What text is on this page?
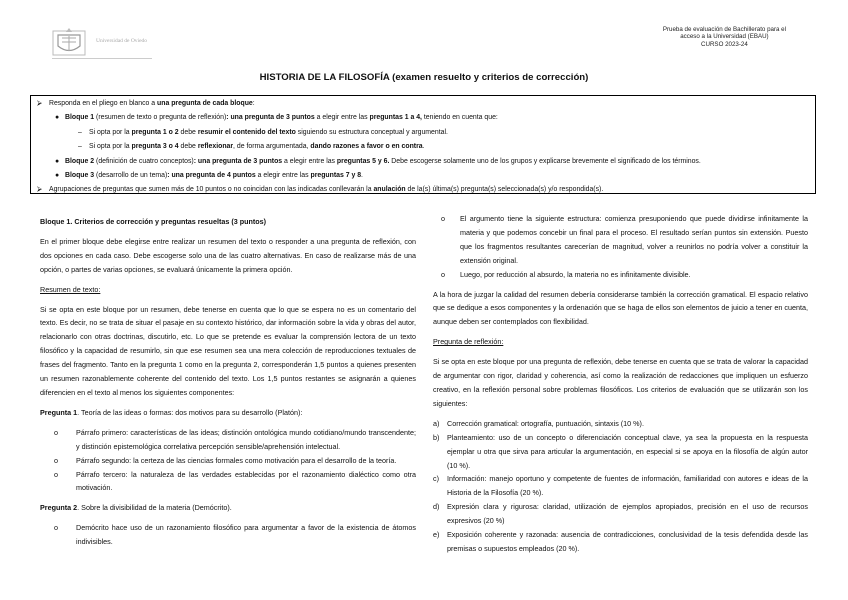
Universidad de Oviedo
Prueba de evaluación de Bachillerato para el
acceso a la Universidad (EBAU)
CURSO 2023-24
HISTORIA DE LA FILOSOFÍA (examen resuelto y criterios de corrección)
⮚ Responda en el pliego en blanco a una pregunta de cada bloque:
● Bloque 1 (resumen de texto o pregunta de reflexión): una pregunta de 3 puntos a elegir entre las preguntas 1 a 4, teniendo en cuenta que:
– Si opta por la pregunta 1 o 2 debe resumir el contenido del texto siguiendo su estructura conceptual y argumental.
– Si opta por la pregunta 3 o 4 debe reflexionar, de forma argumentada, dando razones a favor o en contra.
● Bloque 2 (definición de cuatro conceptos): una pregunta de 3 puntos a elegir entre las preguntas 5 y 6. Debe escogerse solamente uno de los grupos y explicarse brevemente el significado de los términos.
● Bloque 3 (desarrollo de un tema): una pregunta de 4 puntos a elegir entre las preguntas 7 y 8.
⮚ Agrupaciones de preguntas que sumen más de 10 puntos o no coincidan con las indicadas conllevarán la anulación de la(s) última(s) pregunta(s) seleccionada(s) y/o respondida(s).
Bloque 1. Criterios de corrección y preguntas resueltas (3 puntos)

En el primer bloque debe elegirse entre realizar un resumen del texto o responder a una pregunta de reflexión, con dos opciones en cada caso. Debe escogerse solo una de las cuatro alternativas. En caso de realizarse más de una opción, o partes de varias opciones, se evaluará únicamente la primera opción.

Resumen de texto:

Si se opta en este bloque por un resumen, debe tenerse en cuenta que lo que se espera no es un comentario del texto. Es decir, no se trata de situar el pasaje en su contexto histórico, dar información sobre la vida y obras del autor, relacionarlo con otras doctrinas, discutirlo, etc. Lo que se pretende es evaluar la comprensión lectora de un texto filosófico y la capacidad de resumirlo, sin que ese resumen sea una mera colección de reproducciones textuales de frases del fragmento. Tanto en la pregunta 1 como en la pregunta 2, corresponderán 1,5 puntos a quienes presenten un resumen razonablemente coherente del contenido del texto. Los 1,5 puntos restantes se asignarán a quienes diferencien en el texto al menos los siguientes componentes:

Pregunta 1. Teoría de las ideas o formas: dos motivos para su desarrollo (Platón):

o	Párrafo primero: características de las ideas; distinción ontológica mundo cotidiano/mundo transcendente; y distinción epistemológica correlativa percepción sensible/aprehensión intelectual.
o	Párrafo segundo: la certeza de las ciencias formales como motivación para el desarrollo de la teoría.
o	Párrafo tercero: la naturaleza de las verdades establecidas por el razonamiento dialéctico como otra motivación.

Pregunta 2. Sobre la divisibilidad de la materia (Demócrito).

o	Demócrito hace uso de un razonamiento filosófico para argumentar a favor de la existencia de átomos indivisibles.
o El argumento tiene la siguiente estructura: comienza presuponiendo que puede dividirse infinitamente la materia y que podemos concebir un final para el proceso. El resultado serían puntos sin extensión. Puesto que los fragmentos resultantes carecerían de magnitud, volver a reunirlos no podría volver a constituir la extensión original.
o Luego, por reducción al absurdo, la materia no es infinitamente divisible.

A la hora de juzgar la calidad del resumen debería considerarse también la corrección gramatical. El espacio relativo que se dedique a esos componentes y la ordenación que se haga de ellos son elementos de juicio a tener en cuenta, aunque deben ser contemplados con flexibilidad.

Pregunta de reflexión:

Si se opta en este bloque por una pregunta de reflexión, debe tenerse en cuenta que se trata de valorar la capacidad de argumentar con rigor, claridad y coherencia, así como la realización de redacciones que impliquen un esfuerzo creativo, en la reflexión personal sobre problemas filosóficos. Los criterios de evaluación que se utilizarán son los siguientes:

a) Corrección gramatical: ortografía, puntuación, sintaxis (10 %).
b) Planteamiento: uso de un concepto o diferenciación conceptual clave, ya sea la propuesta en la respuesta ejemplar u otra que sirva para articular la argumentación, en especial si se apoya en la filosofía de algún autor (10 %).
c) Información: manejo oportuno y competente de fuentes de información, familiaridad con autores e ideas de la Historia de la Filosofía (20 %).
d) Expresión clara y rigurosa: claridad, utilización de ejemplos apropiados, precisión en el uso de recursos expresivos (20 %)
e) Exposición coherente y razonada: ausencia de contradicciones, conclusividad de la tesis defendida desde las premisas o supuestos empleados (20 %).
